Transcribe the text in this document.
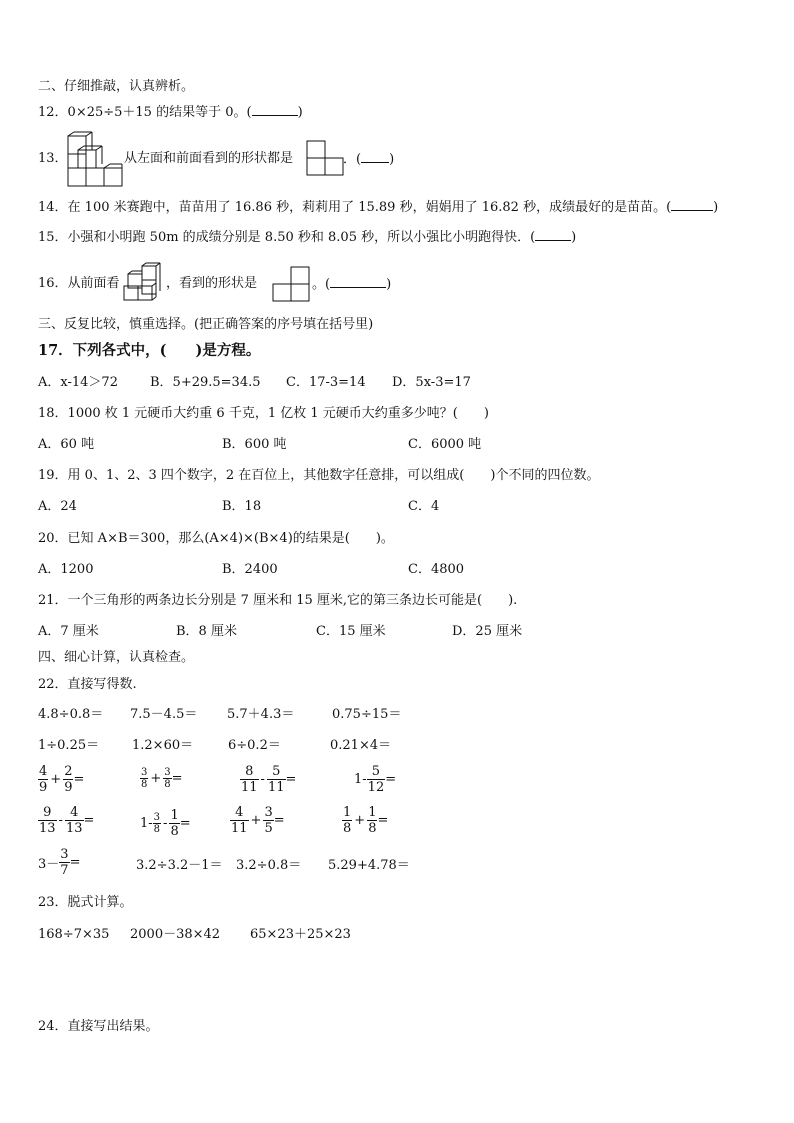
二、仔细推敲，认真辨析。
12．0×25÷5＋15 的结果等于 0。(	)
13．	从左面和前面看到的形状都是	．( )
14．在 100 米赛跑中，苗苗用了 16.86 秒，莉莉用了 15.89 秒，娟娟用了 16.82 秒，成绩最好的是苗苗。(	)
15．小强和小明跑 50m 的成绩分别是 8.50 秒和 8.05 秒，所以小强比小明跑得快．(	)
16．从前面看	，看到的形状是	。(	)
三、反复比较，慎重选择。(把正确答案的序号填在括号里)
17．下列各式中，(　　)是方程。
A．x-14＞72 B．5+29.5=34.5 C．17-3=14 D．5x-3=17
18．1000 枚 1 元硬币大约重 6 千克，1 亿枚 1 元硬币大约重多少吨？(　　)
A．60 吨	B．600 吨	C．6000 吨
19．用 0、1、2、3 四个数字，2 在百位上，其他数字任意排，可以组成(　　)个不同的四位数。
A．24	B．18	C．4
20．已知 A×B＝300，那么(A×4)×(B×4)的结果是(　　)。
A．1200	B．2400	C．4800
21．一个三角形的两条边长分别是 7 厘米和 15 厘米,它的第三条边长可能是(　　).
A．7 厘米	B．8 厘米	C．15 厘米	D．25 厘米
四、细心计算，认真检查。
22．直接写得数.
4.8÷0.8＝ 7.5－4.5＝ 5.7＋4.3＝	0.75÷15＝
1÷0.25＝	1.2×60＝	6÷0.2＝	0.21×4＝
$\frac{4}{9} + \frac{2}{9}$ =	$\frac{3}{8} + \frac{3}{8}$ =	$\frac{8}{11} - \frac{5}{11}$ =	$1- \frac{5}{12}$ =
$\frac{9}{13} - \frac{4}{13}$ =	$1- \frac{3}{8} - \frac{1}{8}$ =	$\frac{4}{11} + \frac{3}{5}$ =	$\frac{1}{8} + \frac{1}{8}$ =
$3- \frac{3}{7}$ =	3.2÷3.2－1＝ 3.2÷0.8＝ 5.29+4.78＝
23．脱式计算。
168÷7×35 2000－38×42 65×23＋25×23
24．直接写出结果。
